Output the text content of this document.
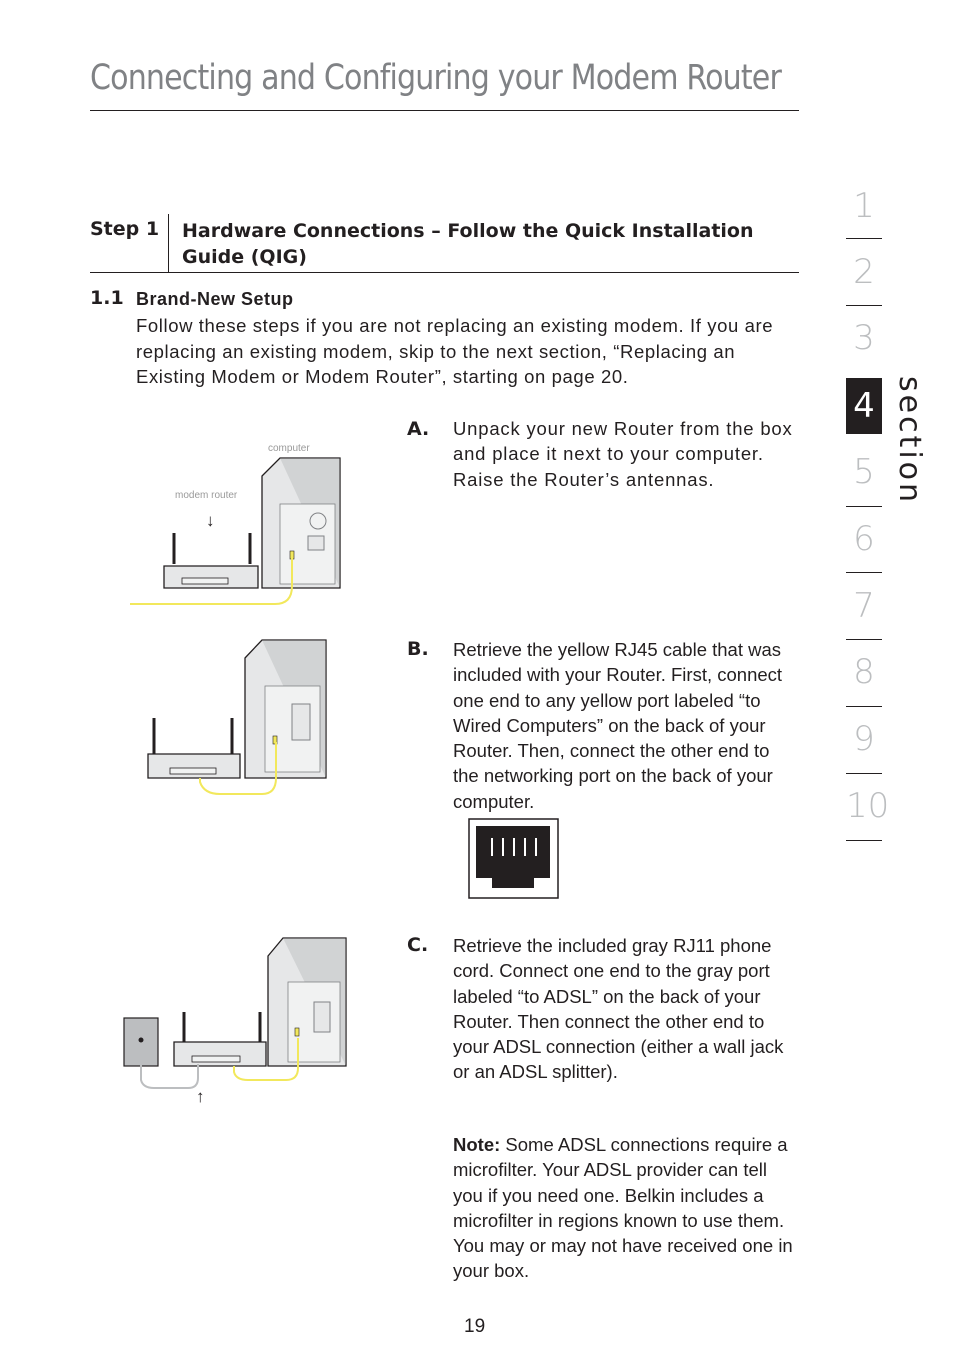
Connecting and Configuring your Modem Router
Step 1 Hardware Connections – Follow the Quick Installation Guide (QIG)
1.1 Brand-New Setup
Follow these steps if you are not replacing an existing modem. If you are replacing an existing modem, skip to the next section, “Replacing an Existing Modem or Modem Router”, starting on page 20.
computer
modem router
↓
A. Unpack your new Router from the box and place it next to your computer. Raise the Router’s antennas.
B. Retrieve the yellow RJ45 cable that was included with your Router. First, connect one end to any yellow port labeled “to Wired Computers” on the back of your Router. Then, connect the other end to the networking port on the back of your computer.
↑
C. Retrieve the included gray RJ11 phone cord. Connect one end to the gray port labeled “to ADSL” on the back of your Router. Then connect the other end to your ADSL connection (either a wall jack or an ADSL splitter).
Note: Some ADSL connections require a microfilter. Your ADSL provider can tell you if you need one. Belkin includes a microfilter in regions known to use them. You may or may not have received one in your box.
19
1
2
3
4
5
6
7
8
9
10
section
